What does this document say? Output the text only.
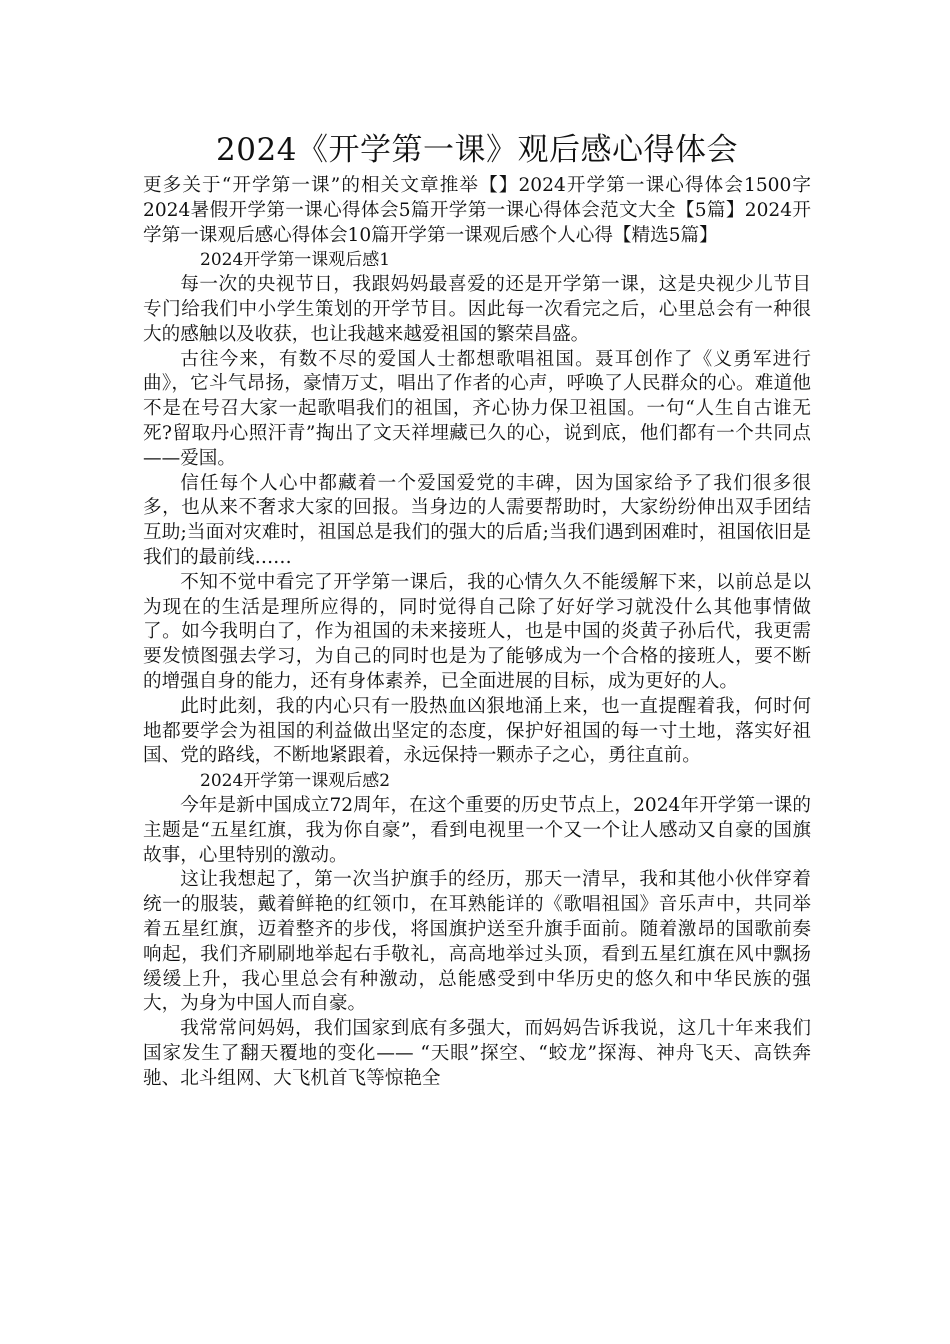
2024《开学第一课》观后感心得体会

更多关于“开学第一课”的相关文章推举【】2024开学第一课心得体会1500字2024暑假开学第一课心得体会5篇开学第一课心得体会范文大全【5篇】2024开学第一课观后感心得体会10篇开学第一课观后感个人心得【精选5篇】

2024开学第一课观后感1

每一次的央视节日，我跟妈妈最喜爱的还是开学第一课，这是央视少儿节目专门给我们中小学生策划的开学节目。因此每一次看完之后，心里总会有一种很大的感触以及收获，也让我越来越爱祖国的繁荣昌盛。

古往今来，有数不尽的爱国人士都想歌唱祖国。聂耳创作了《义勇军进行曲》，它斗气昂扬，豪情万丈，唱出了作者的心声，呼唤了人民群众的心。难道他不是在号召大家一起歌唱我们的祖国，齐心协力保卫祖国。一句“人生自古谁无死?留取丹心照汗青”掏出了文天祥埋藏已久的心，说到底，他们都有一个共同点——爱国。

信任每个人心中都藏着一个爱国爱党的丰碑，因为国家给予了我们很多很多，也从来不奢求大家的回报。当身边的人需要帮助时，大家纷纷伸出双手团结互助;当面对灾难时，祖国总是我们的强大的后盾;当我们遇到困难时，祖国依旧是我们的最前线……

不知不觉中看完了开学第一课后，我的心情久久不能缓解下来，以前总是以为现在的生活是理所应得的，同时觉得自己除了好好学习就没什么其他事情做了。如今我明白了，作为祖国的未来接班人，也是中国的炎黄子孙后代，我更需要发愤图强去学习，为自己的同时也是为了能够成为一个合格的接班人，要不断的增强自身的能力，还有身体素养，已全面进展的目标，成为更好的人。

此时此刻，我的内心只有一股热血凶狠地涌上来，也一直提醒着我，何时何地都要学会为祖国的利益做出坚定的态度，保护好祖国的每一寸土地，落实好祖国、党的路线，不断地紧跟着，永远保持一颗赤子之心，勇往直前。

2024开学第一课观后感2

今年是新中国成立72周年，在这个重要的历史节点上，2024年开学第一课的主题是“五星红旗，我为你自豪”，看到电视里一个又一个让人感动又自豪的国旗故事，心里特别的激动。

这让我想起了，第一次当护旗手的经历，那天一清早，我和其他小伙伴穿着统一的服装，戴着鲜艳的红领巾，在耳熟能详的《歌唱祖国》音乐声中，共同举着五星红旗，迈着整齐的步伐，将国旗护送至升旗手面前。随着激昂的国歌前奏响起，我们齐刷刷地举起右手敬礼，高高地举过头顶，看到五星红旗在风中飘扬缓缓上升，我心里总会有种激动，总能感受到中华历史的悠久和中华民族的强大，为身为中国人而自豪。

我常常问妈妈，我们国家到底有多强大，而妈妈告诉我说，这几十年来我们国家发生了翻天覆地的变化—— “天眼”探空、“蛟龙”探海、神舟飞天、高铁奔驰、北斗组网、大飞机首飞等惊艳全
